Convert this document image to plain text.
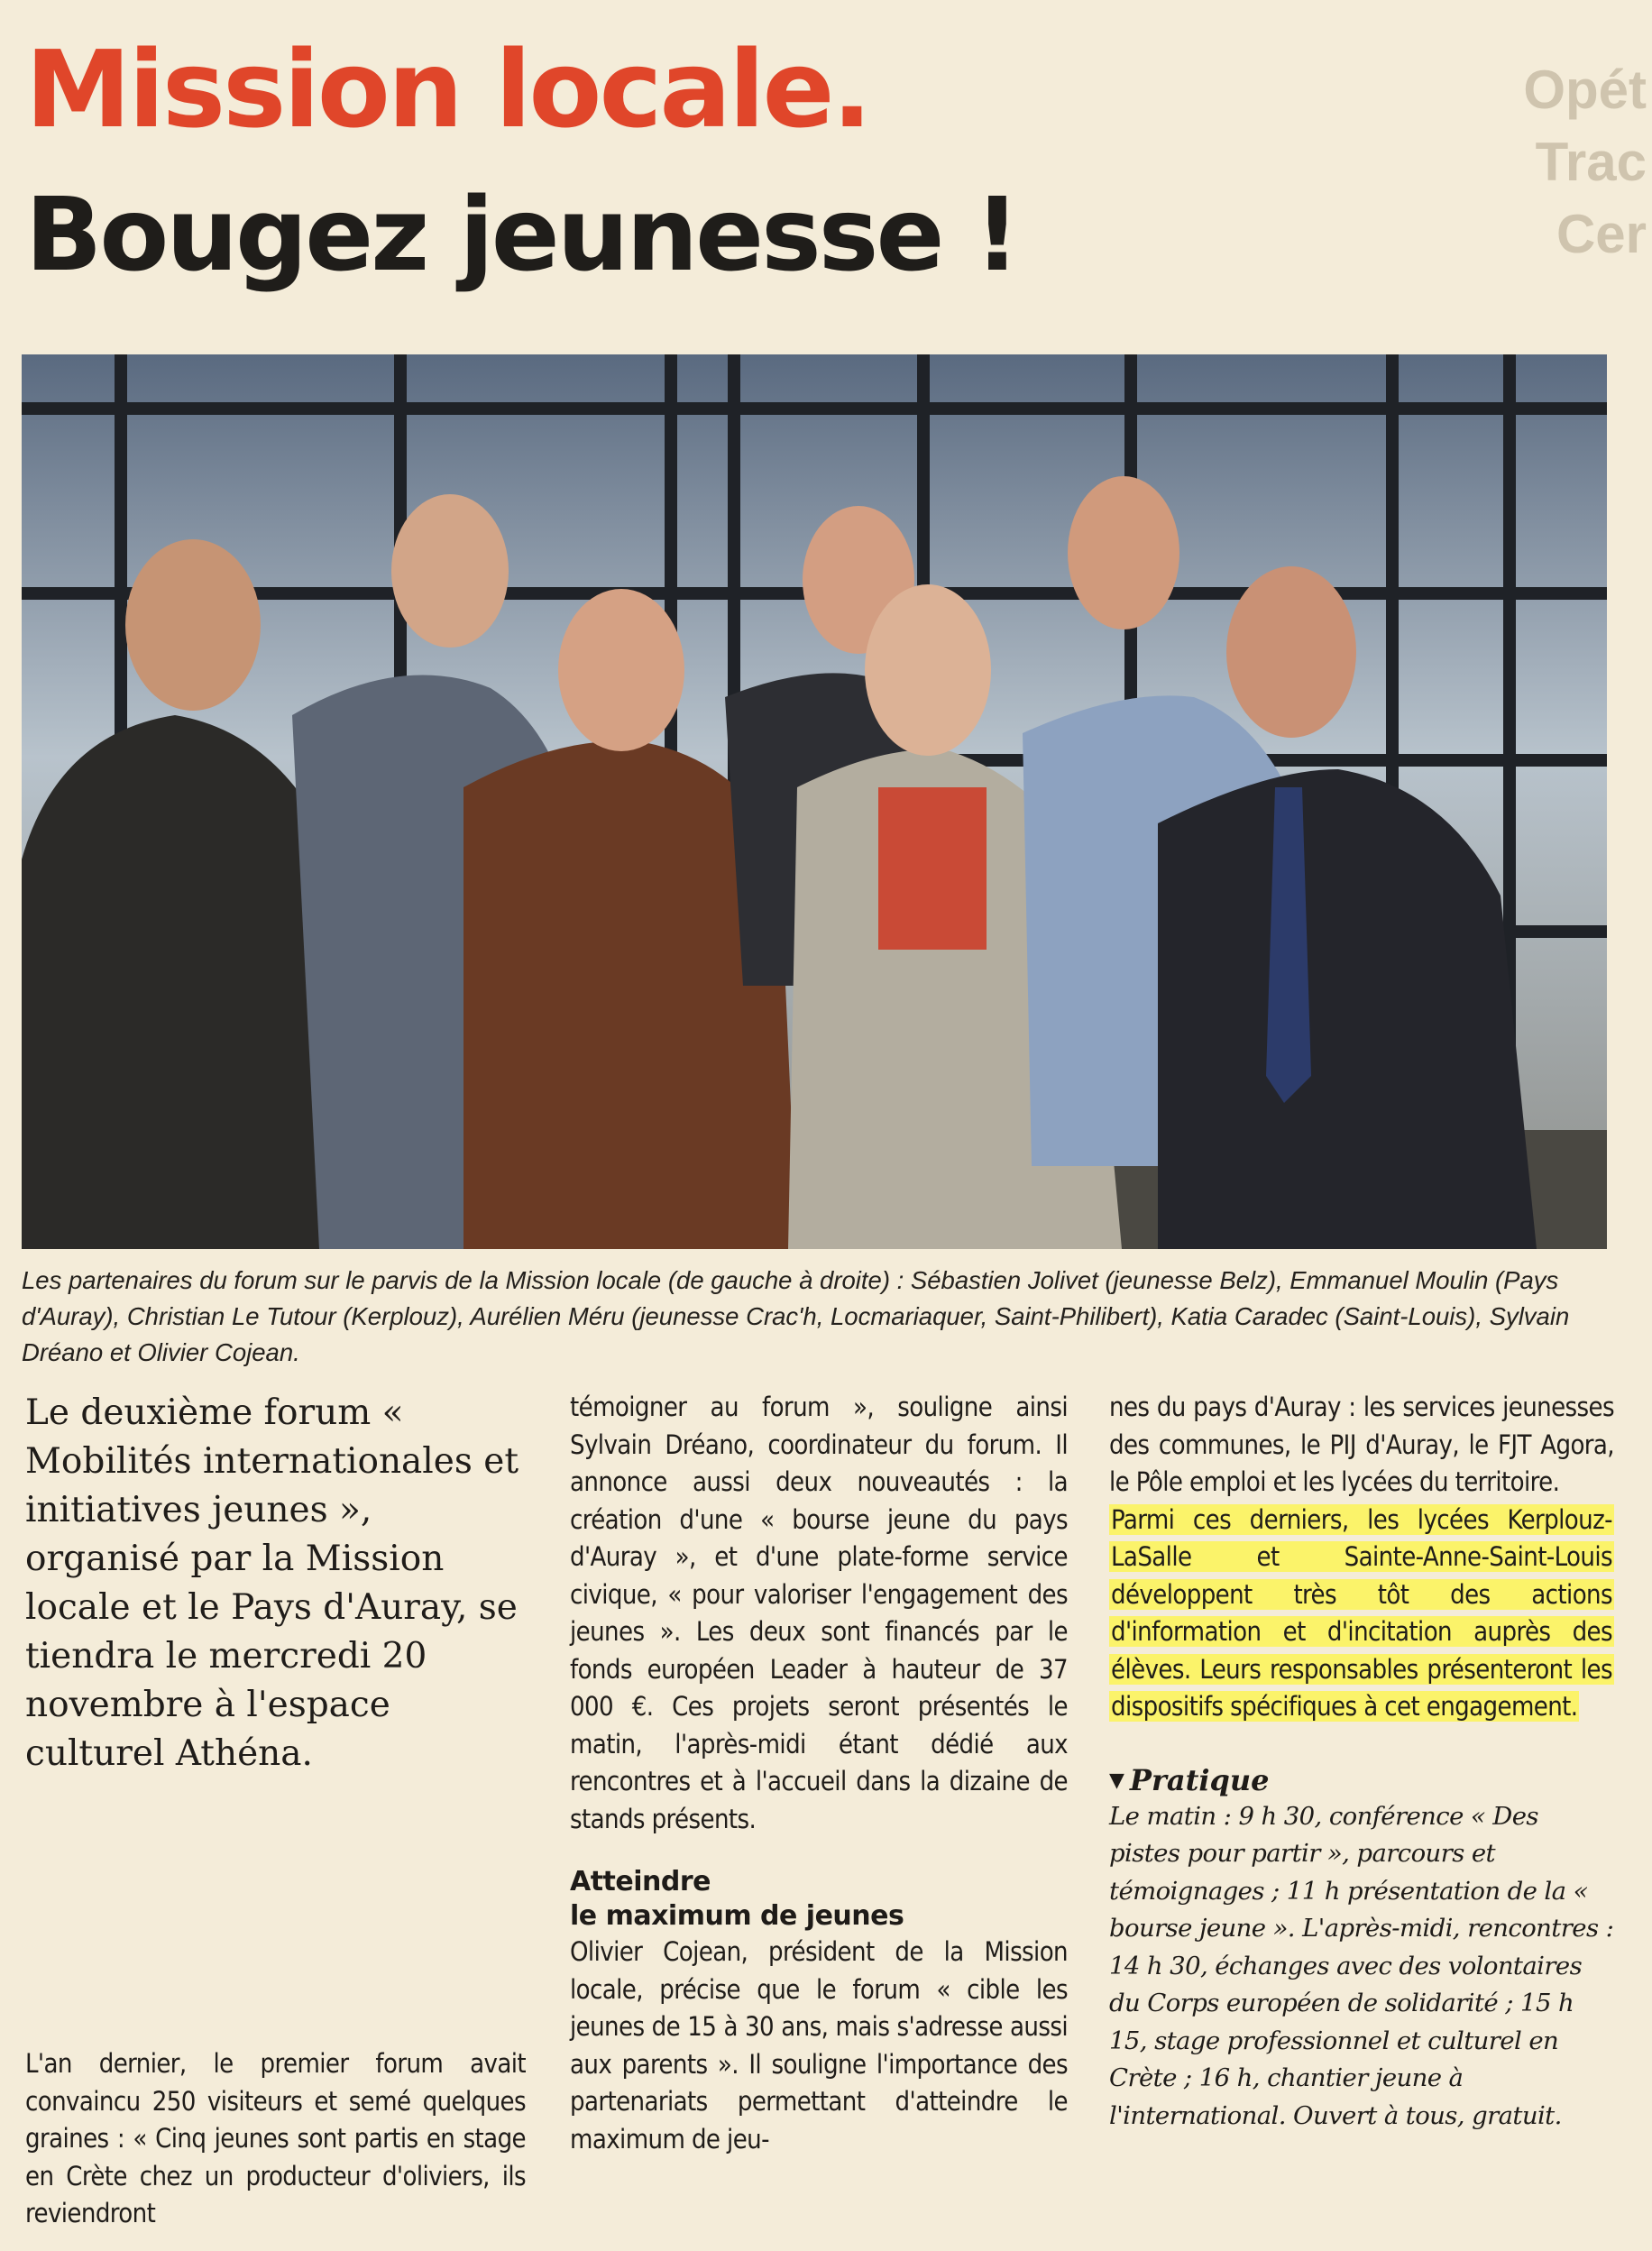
Mission locale.
Bougez jeunesse !
Opét
Trac
Cer
Les partenaires du forum sur le parvis de la Mission locale (de gauche à droite) : Sébastien Jolivet (jeunesse Belz), Emmanuel Moulin (Pays d'Auray), Christian Le Tutour (Kerplouz), Aurélien Méru (jeunesse Crac'h, Locmariaquer, Saint-Philibert), Katia Caradec (Saint-Louis), Sylvain Dréano et Olivier Cojean.

Le deuxième forum « Mobilités internationales et initiatives jeunes », organisé par la Mission locale et le Pays d'Auray, se tiendra le mercredi 20 novembre à l'espace culturel Athéna.

L'an dernier, le premier forum avait convaincu 250 visiteurs et semé quelques graines : « Cinq jeunes sont partis en stage en Crète chez un producteur d'oliviers, ils reviendront

témoigner au forum », souligne ainsi Sylvain Dréano, coordinateur du forum. Il annonce aussi deux nouveautés : la création d'une « bourse jeune du pays d'Auray », et d'une plate-forme service civique, « pour valoriser l'engagement des jeunes ». Les deux sont financés par le fonds européen Leader à hauteur de 37 000 €. Ces projets seront présentés le matin, l'après-midi étant dédié aux rencontres et à l'accueil dans la dizaine de stands présents.

Atteindre
le maximum de jeunes

Olivier Cojean, président de la Mission locale, précise que le forum « cible les jeunes de 15 à 30 ans, mais s'adresse aussi aux parents ». Il souligne l'importance des partenariats permettant d'atteindre le maximum de jeu-

nes du pays d'Auray : les services jeunesses des communes, le PIJ d'Auray, le FJT Agora, le Pôle emploi et les lycées du territoire.

Parmi ces derniers, les lycées Kerplouz-LaSalle et Sainte-Anne-Saint-Louis développent très tôt des actions d'information et d'incitation auprès des élèves. Leurs responsables présenteront les dispositifs spécifiques à cet engagement.

▼ Pratique

Le matin : 9 h 30, conférence « Des pistes pour partir », parcours et témoignages ; 11 h présentation de la « bourse jeune ». L'après-midi, rencontres : 14 h 30, échanges avec des volontaires du Corps européen de solidarité ; 15 h 15, stage professionnel et culturel en Crète ; 16 h, chantier jeune à l'international. Ouvert à tous, gratuit.
